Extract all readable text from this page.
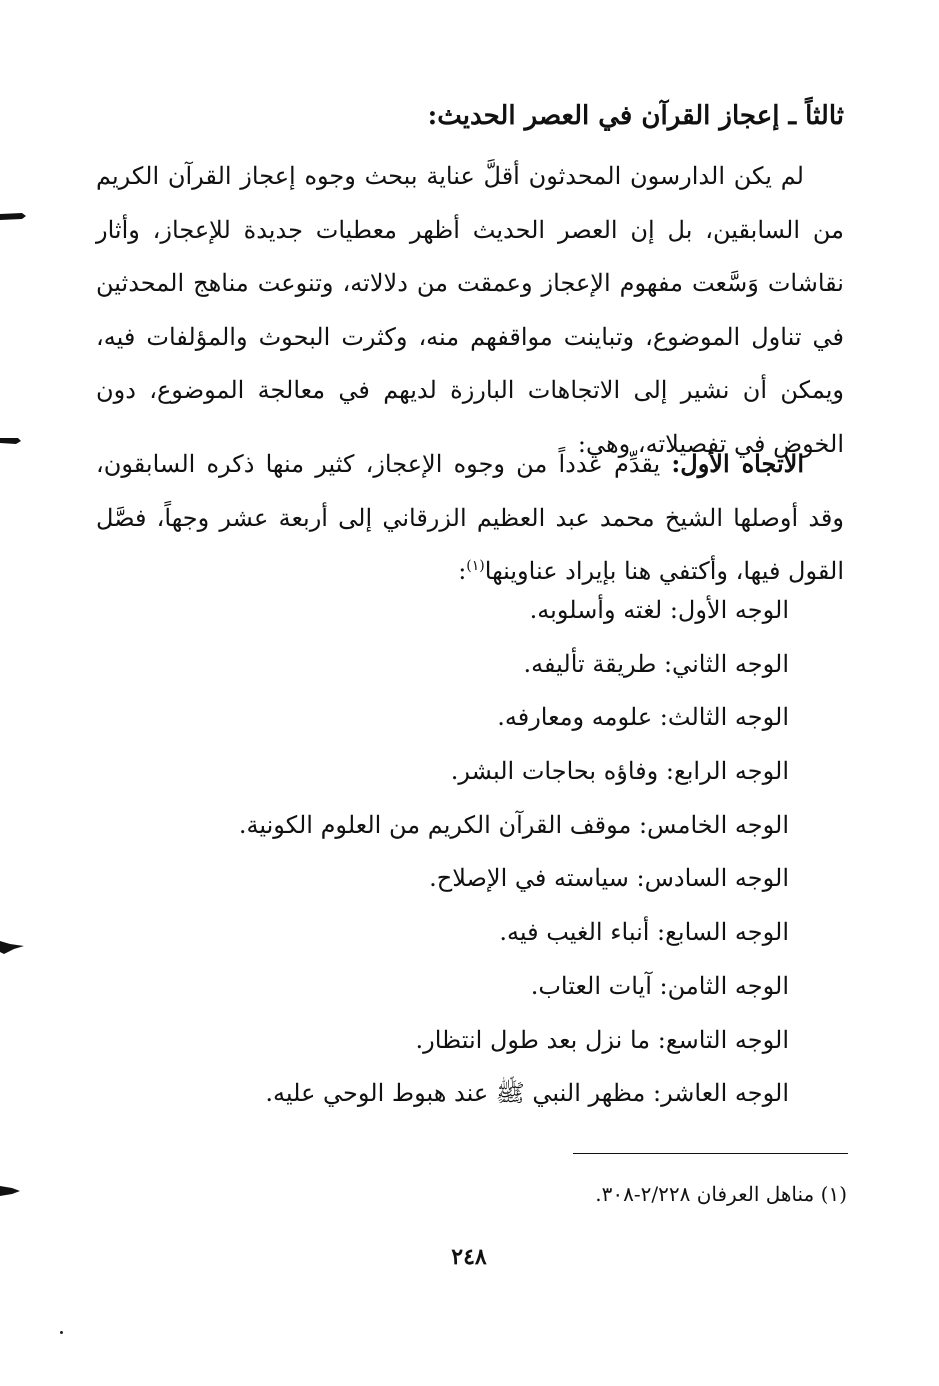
ثالثاً ـ إعجاز القرآن في العصر الحديث:

لم يكن الدارسون المحدثون أقلَّ عناية ببحث وجوه إعجاز القرآن الكريم من السابقين، بل إن العصر الحديث أظهر معطيات جديدة للإعجاز، وأثار نقاشات وَسَّعت مفهوم الإعجاز وعمقت من دلالاته، وتنوعت مناهج المحدثين في تناول الموضوع، وتباينت مواقفهم منه، وكثرت البحوث والمؤلفات فيه، ويمكن أن نشير إلى الاتجاهات البارزة لديهم في معالجة الموضوع، دون الخوض في تفصيلاته، وهي:

الاتجاه الأول: يقدِّم عدداً من وجوه الإعجاز، كثير منها ذكره السابقون، وقد أوصلها الشيخ محمد عبد العظيم الزرقاني إلى أربعة عشر وجهاً، فصَّل القول فيها، وأكتفي هنا بإيراد عناوينها$^{(١)}$:

الوجه الأول: لغته وأسلوبه.
الوجه الثاني: طريقة تأليفه.
الوجه الثالث: علومه ومعارفه.
الوجه الرابع: وفاؤه بحاجات البشر.
الوجه الخامس: موقف القرآن الكريم من العلوم الكونية.
الوجه السادس: سياسته في الإصلاح.
الوجه السابع: أنباء الغيب فيه.
الوجه الثامن: آيات العتاب.
الوجه التاسع: ما نزل بعد طول انتظار.
الوجه العاشر: مظهر النبي ﷺ عند هبوط الوحي عليه.
(١) مناهل العرفان ٢/٢٢٨-٣٠٨.
٢٤٨
